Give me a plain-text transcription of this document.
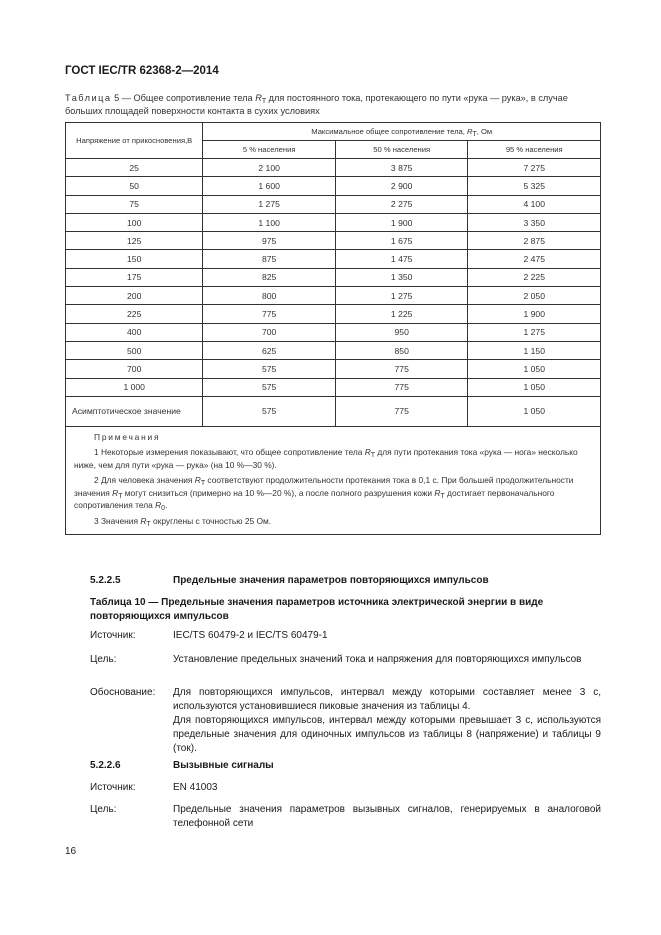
ГОСТ IEC/TR 62368-2—2014
Таблица 5 — Общее сопротивление тела $R_T$ для постоянного тока, протекающего по пути «рука — рука», в случае больших площадей поверхности контакта в сухих условиях
Напряжение от прикосновения,В	Максимальное общее сопротивление тела, $R_T$, Ом		
	5 % населения	50 % населения	95 % населения
25	2 100	3 875	7 275
50	1 600	2 900	5 325
75	1 275	2 275	4 100
100	1 100	1 900	3 350
125	975	1 675	2 875
150	875	1 475	2 475
175	825	1 350	2 225
200	800	1 275	2 050
225	775	1 225	1 900
400	700	950	1 275
500	625	850	1 150
700	575	775	1 050
1 000	575	775	1 050
Асимптотическое значение	575	775	1 050

Примечания

1 Некоторые измерения показывают, что общее сопротивление тела $R_T$ для пути протекания тока «рука — нога» несколько ниже, чем для пути «рука — рука» (на 10 %—30 %).

2 Для человека значения $R_T$ соответствуют продолжительности протекания тока в 0,1 с. При большей продолжительности значения $R_T$ могут снизиться (примерно на 10 %—20 %), а после полного разрушения кожи $R_T$ достигает первоначального сопротивления тела $R_0$.

3 Значения $R_T$ округлены с точностью 25 Ом.			

5.2.2.5	Предельные значения параметров повторяющихся импульсов
Таблица 10 — Предельные значения параметров источника электрической энергии в виде повторяющихся импульсов
Источник:	IEC/TS 60479-2 и IEC/TS 60479-1
Цель:	Установление предельных значений тока и напряжения для повторяющихся импульсов
Обоснование: Для повторяющихся импульсов, интервал между которыми составляет менее 3 с, используются установившиеся пиковые значения из таблицы 4.
Для повторяющихся импульсов, интервал между которыми превышает 3 с, используются предельные значения для одиночных импульсов из таблицы 8 (напряжение) и таблицы 9 (ток).
5.2.2.6	Вызывные сигналы
Источник:	EN 41003
Цель:	Предельные значения параметров вызывных сигналов, генерируемых в аналоговой телефонной сети
16
